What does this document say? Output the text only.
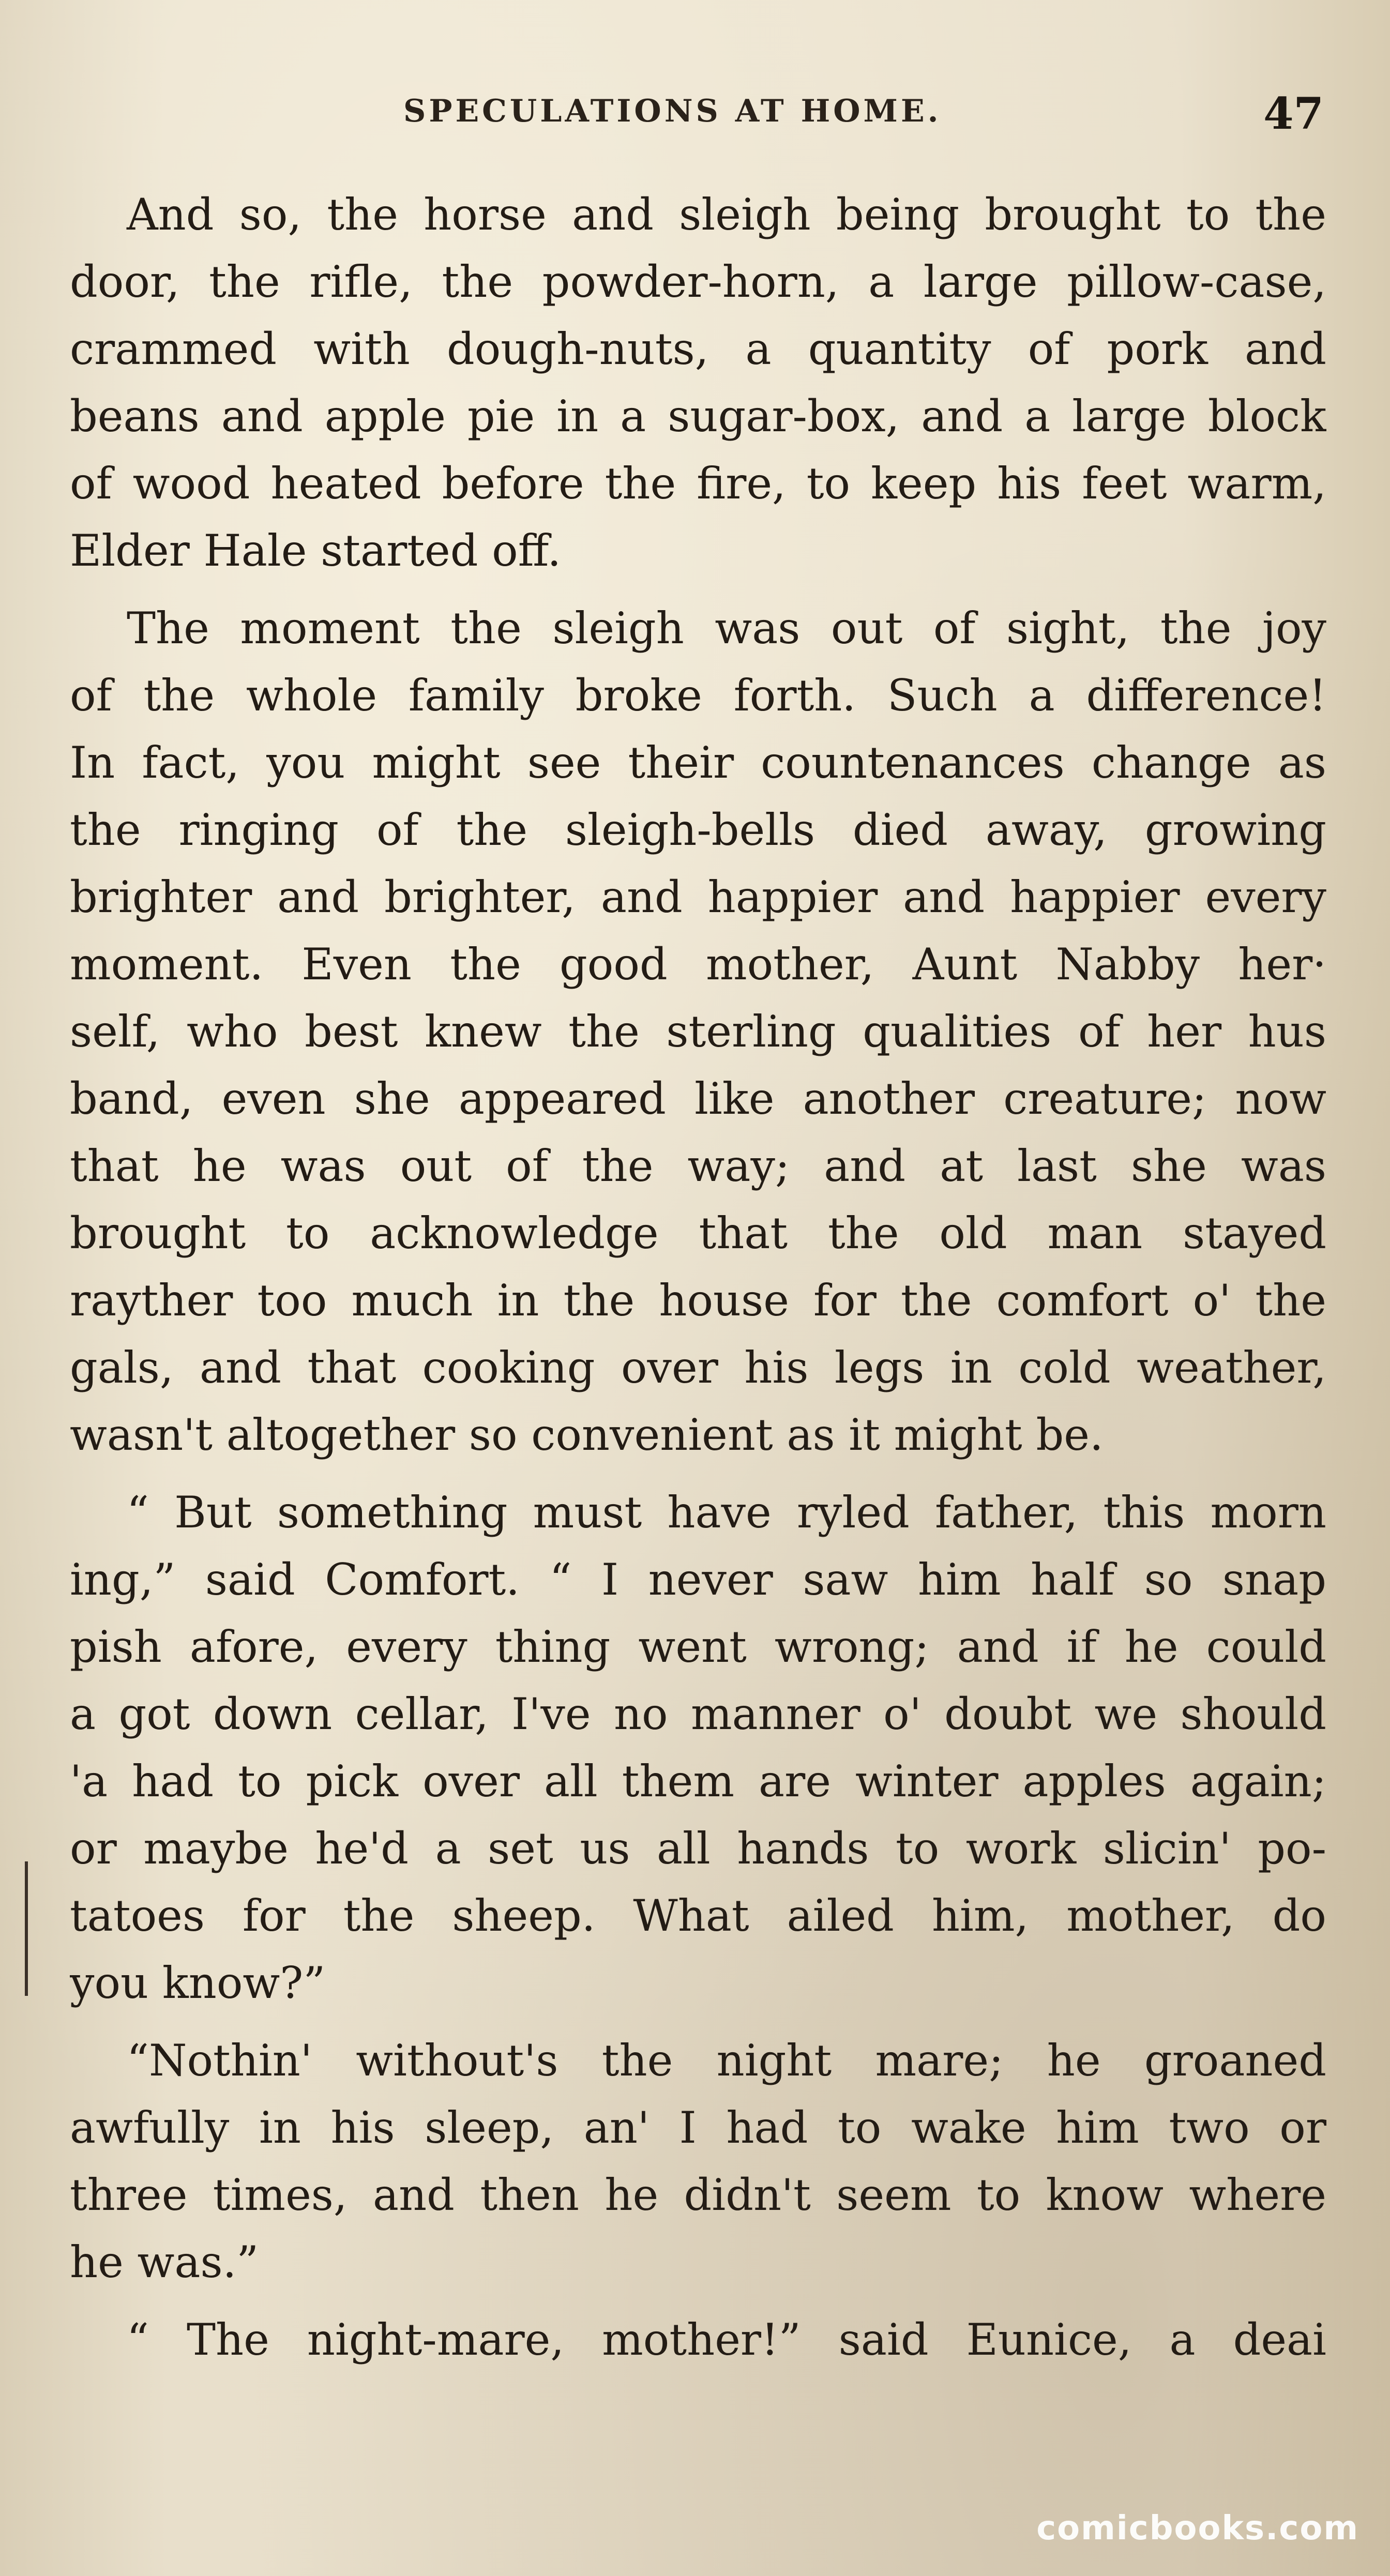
SPECULATIONS AT HOME.	47
And so, the horse and sleigh being brought to the
door, the rifle, the powder-horn, a large pillow-case,
crammed with dough-nuts, a quantity of pork and
beans and apple pie in a sugar-box, and a large block
of wood heated before the fire, to keep his feet warm,
Elder Hale started off.
The moment the sleigh was out of sight, the joy
of the whole family broke forth. Such a difference!
In fact, you might see their countenances change as
the ringing of the sleigh-bells died away, growing
brighter and brighter, and happier and happier every
moment. Even the good mother, Aunt Nabby her·
self, who best knew the sterling qualities of her hus
band, even she appeared like another creature; now
that he was out of the way; and at last she was
brought to acknowledge that the old man stayed
rayther too much in the house for the comfort o' the
gals, and that cooking over his legs in cold weather,
wasn't altogether so convenient as it might be.
“ But something must have ryled father, this morn
ing,” said Comfort. “ I never saw him half so snap
pish afore, every thing went wrong; and if he could
a got down cellar, I've no manner o' doubt we should
'a had to pick over all them are winter apples again;
or maybe he'd a set us all hands to work slicin' po-
tatoes for the sheep. What ailed him, mother, do
you know?”
“Nothin' without's the night mare; he groaned
awfully in his sleep, an' I had to wake him two or
three times, and then he didn't seem to know where
he was.”
“ The night-mare, mother!” said Eunice, a deai
comicbooks.com
